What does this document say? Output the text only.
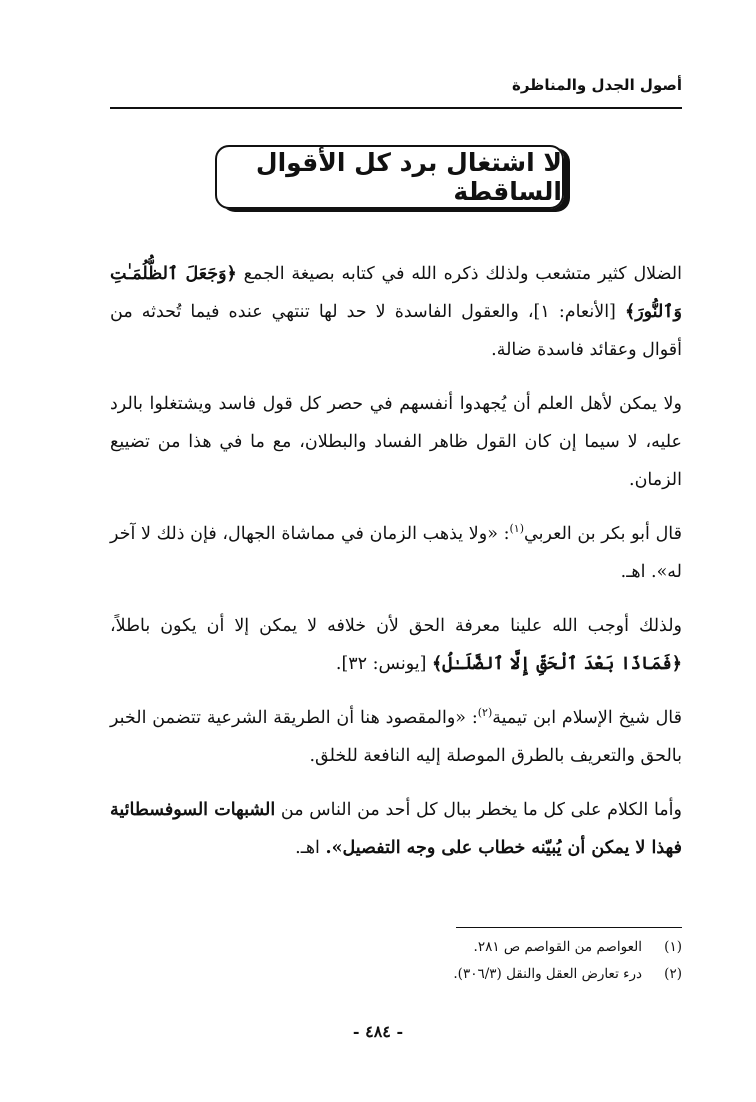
أصول الجدل والمناظرة
لا اشتغال برد كل الأقوال الساقطة

الضلال كثير متشعب ولذلك ذكره الله في كتابه بصيغة الجمع ﴿وَجَعَلَ ٱلظُّلُمَـٰتِ وَٱلنُّورَ﴾ [الأنعام: ١]، والعقول الفاسدة لا حد لها تنتهي عنده فيما تُحدثه من أقوال وعقائد فاسدة ضالة.

ولا يمكن لأهل العلم أن يُجهدوا أنفسهم في حصر كل قول فاسد ويشتغلوا بالرد عليه، لا سيما إن كان القول ظاهر الفساد والبطلان، مع ما في هذا من تضييع الزمان.

قال أبو بكر بن العربي$^{(١)}$: «ولا يذهب الزمان في مماشاة الجهال، فإن ذلك لا آخر له». اهـ.

ولذلك أوجب الله علينا معرفة الحق لأن خلافه لا يمكن إلا أن يكون باطلاً، ﴿فَمَاذَا بَعْدَ ٱلْحَقِّ إِلَّا ٱلضَّلَـٰلُ﴾ [يونس: ٣٢].

قال شيخ الإسلام ابن تيمية$^{(٢)}$: «والمقصود هنا أن الطريقة الشرعية تتضمن الخبر بالحق والتعريف بالطرق الموصلة إليه النافعة للخلق.

وأما الكلام على كل ما يخطر ببال كل أحد من الناس من الشبهات السوفسطائية فهذا لا يمكن أن يُبيّنه خطاب على وجه التفصيل». اهـ.

(١)العواصم من القواصم ص ٢٨١.
(٢)درء تعارض العقل والنقل (٣٠٦/٣).
- ٤٨٤ -
